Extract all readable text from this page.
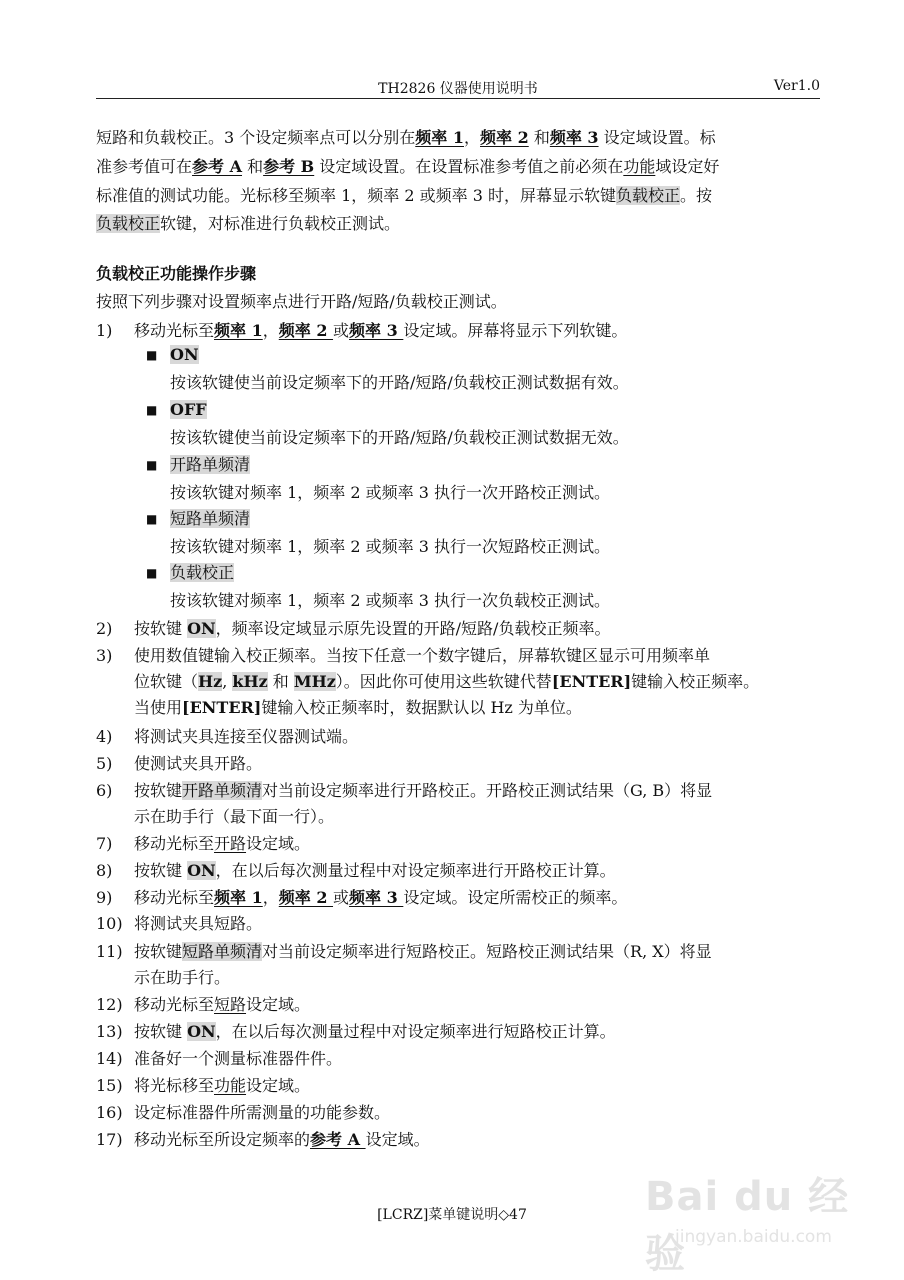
TH2826 仪器使用说明书	Ver1.0
短路和负载校正。3 个设定频率点可以分别在频率 1，频率 2 和频率 3 设定域设置。标
准参考值可在参考 A 和参考 B 设定域设置。在设置标准参考值之前必须在功能域设定好
标准值的测试功能。光标移至频率 1，频率 2 或频率 3 时，屏幕显示软键负载校正。按
负载校正软键，对标准进行负载校正测试。
负载校正功能操作步骤
按照下列步骤对设置频率点进行开路/短路/负载校正测试。
1)	移动光标至频率 1，频率 2 或频率 3 设定域。屏幕将显示下列软键。
■ ON
按该软键使当前设定频率下的开路/短路/负载校正测试数据有效。
■ OFF
按该软键使当前设定频率下的开路/短路/负载校正测试数据无效。
■ 开路单频清
按该软键对频率 1，频率 2 或频率 3 执行一次开路校正测试。
■ 短路单频清
按该软键对频率 1，频率 2 或频率 3 执行一次短路校正测试。
■ 负载校正
按该软键对频率 1，频率 2 或频率 3 执行一次负载校正测试。
2)	按软键 ON，频率设定域显示原先设置的开路/短路/负载校正频率。
3)	使用数值键输入校正频率。当按下任意一个数字键后，屏幕软键区显示可用频率单
位软键（Hz, kHz 和 MHz）。因此你可使用这些软键代替[ENTER]键输入校正频率。
当使用[ENTER]键输入校正频率时，数据默认以 Hz 为单位。
4)	将测试夹具连接至仪器测试端。
5)	使测试夹具开路。
6)	按软键开路单频清对当前设定频率进行开路校正。开路校正测试结果（G, B）将显
示在助手行（最下面一行）。
7)	移动光标至开路设定域。
8)	按软键 ON，在以后每次测量过程中对设定频率进行开路校正计算。
9)	移动光标至频率 1，频率 2 或频率 3 设定域。设定所需校正的频率。
10) 将测试夹具短路。
11) 按软键短路单频清对当前设定频率进行短路校正。短路校正测试结果（R, X）将显
示在助手行。
12) 移动光标至短路设定域。
13) 按软键 ON，在以后每次测量过程中对设定频率进行短路校正计算。
14) 准备好一个测量标准器件件。
15) 将光标移至功能设定域。
16) 设定标准器件所需测量的功能参数。
17) 移动光标至所设定频率的参考 A 设定域。
[LCRZ]菜单键说明◇47	Bai du 经验
jingyan.baidu.com
